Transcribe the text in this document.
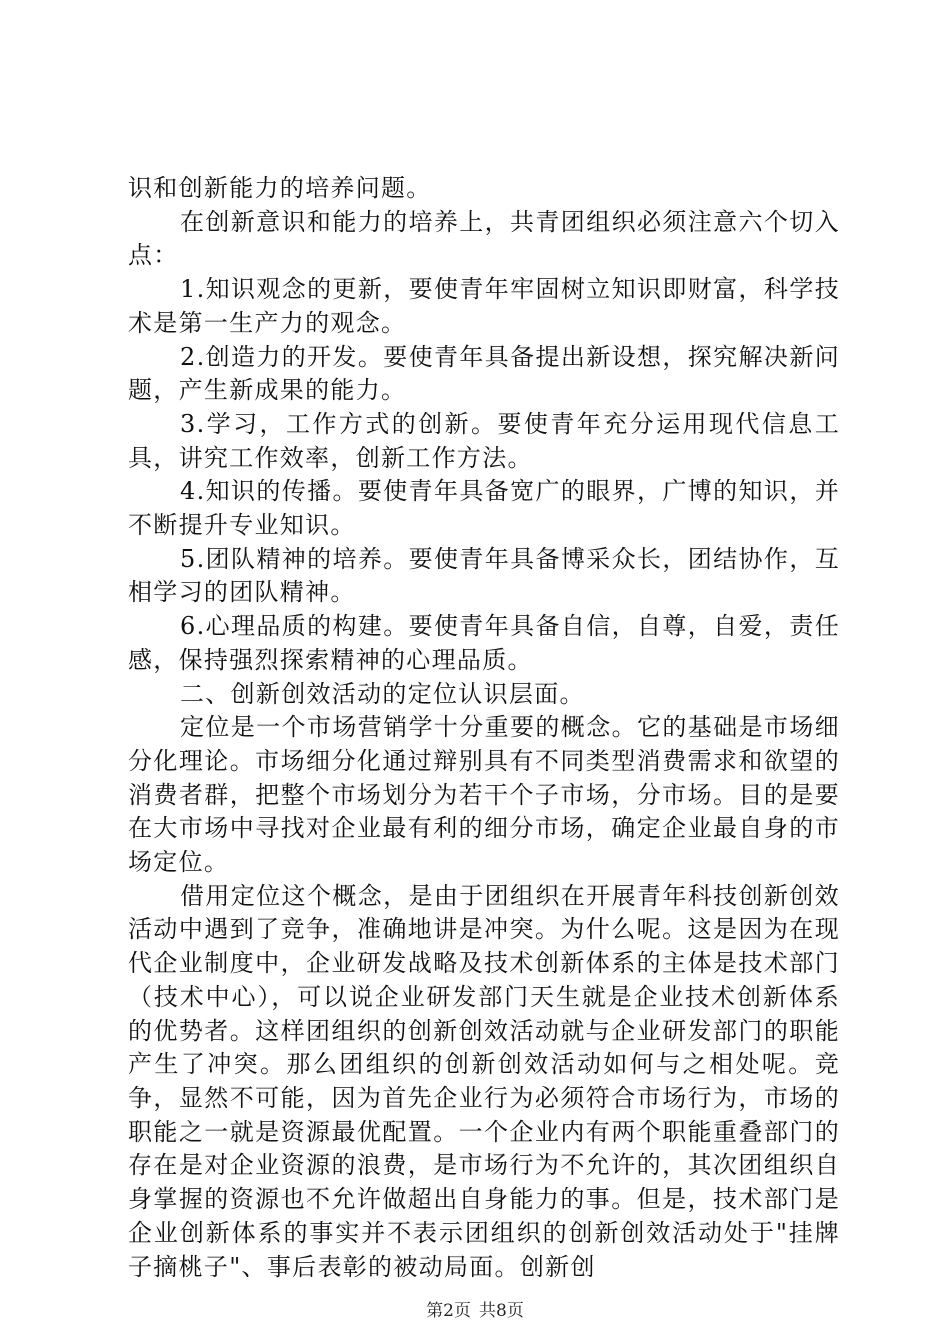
识和创新能力的培养问题。

在创新意识和能力的培养上，共青团组织必须注意六个切入点：

1.知识观念的更新，要使青年牢固树立知识即财富，科学技术是第一生产力的观念。

2.创造力的开发。要使青年具备提出新设想，探究解决新问题，产生新成果的能力。

3.学习，工作方式的创新。要使青年充分运用现代信息工具，讲究工作效率，创新工作方法。

4.知识的传播。要使青年具备宽广的眼界，广博的知识，并不断提升专业知识。

5.团队精神的培养。要使青年具备博采众长，团结协作，互相学习的团队精神。

6.心理品质的构建。要使青年具备自信，自尊，自爱，责任感，保持强烈探索精神的心理品质。

二、创新创效活动的定位认识层面。

定位是一个市场营销学十分重要的概念。它的基础是市场细分化理论。市场细分化通过辩别具有不同类型消费需求和欲望的消费者群，把整个市场划分为若干个子市场，分市场。目的是要在大市场中寻找对企业最有利的细分市场，确定企业最自身的市场定位。

借用定位这个概念，是由于团组织在开展青年科技创新创效活动中遇到了竞争，准确地讲是冲突。为什么呢。这是因为在现代企业制度中，企业研发战略及技术创新体系的主体是技术部门（技术中心），可以说企业研发部门天生就是企业技术创新体系的优势者。这样团组织的创新创效活动就与企业研发部门的职能产生了冲突。那么团组织的创新创效活动如何与之相处呢。竞争，显然不可能，因为首先企业行为必须符合市场行为，市场的职能之一就是资源最优配置。一个企业内有两个职能重叠部门的存在是对企业资源的浪费，是市场行为不允许的，其次团组织自身掌握的资源也不允许做超出自身能力的事。但是，技术部门是企业创新体系的事实并不表示团组织的创新创效活动处于"挂牌子摘桃子"、事后表彰的被动局面。创新创

第2页 共8页
